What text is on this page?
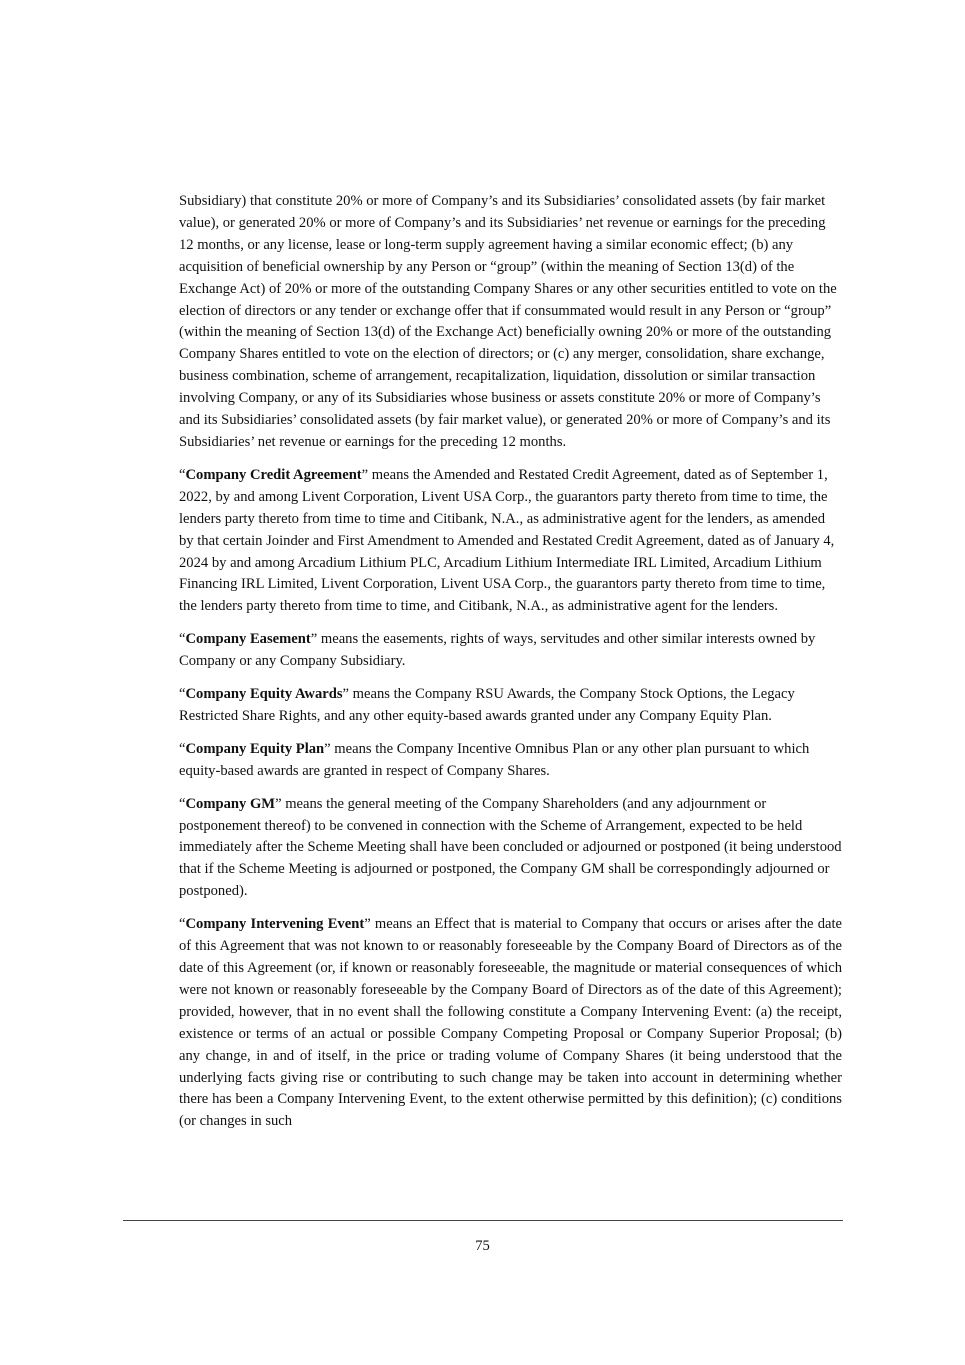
Subsidiary) that constitute 20% or more of Company’s and its Subsidiaries’ consolidated assets (by fair market value), or generated 20% or more of Company’s and its Subsidiaries’ net revenue or earnings for the preceding 12 months, or any license, lease or long-term supply agreement having a similar economic effect; (b) any acquisition of beneficial ownership by any Person or “group” (within the meaning of Section 13(d) of the Exchange Act) of 20% or more of the outstanding Company Shares or any other securities entitled to vote on the election of directors or any tender or exchange offer that if consummated would result in any Person or “group” (within the meaning of Section 13(d) of the Exchange Act) beneficially owning 20% or more of the outstanding Company Shares entitled to vote on the election of directors; or (c) any merger, consolidation, share exchange, business combination, scheme of arrangement, recapitalization, liquidation, dissolution or similar transaction involving Company, or any of its Subsidiaries whose business or assets constitute 20% or more of Company’s and its Subsidiaries’ consolidated assets (by fair market value), or generated 20% or more of Company’s and its Subsidiaries’ net revenue or earnings for the preceding 12 months.

“Company Credit Agreement” means the Amended and Restated Credit Agreement, dated as of September 1, 2022, by and among Livent Corporation, Livent USA Corp., the guarantors party thereto from time to time, the lenders party thereto from time to time and Citibank, N.A., as administrative agent for the lenders, as amended by that certain Joinder and First Amendment to Amended and Restated Credit Agreement, dated as of January 4, 2024 by and among Arcadium Lithium PLC, Arcadium Lithium Intermediate IRL Limited, Arcadium Lithium Financing IRL Limited, Livent Corporation, Livent USA Corp., the guarantors party thereto from time to time, the lenders party thereto from time to time, and Citibank, N.A., as administrative agent for the lenders.

“Company Easement” means the easements, rights of ways, servitudes and other similar interests owned by Company or any Company Subsidiary.

“Company Equity Awards” means the Company RSU Awards, the Company Stock Options, the Legacy Restricted Share Rights, and any other equity-based awards granted under any Company Equity Plan.

“Company Equity Plan” means the Company Incentive Omnibus Plan or any other plan pursuant to which equity-based awards are granted in respect of Company Shares.

“Company GM” means the general meeting of the Company Shareholders (and any adjournment or postponement thereof) to be convened in connection with the Scheme of Arrangement, expected to be held immediately after the Scheme Meeting shall have been concluded or adjourned or postponed (it being understood that if the Scheme Meeting is adjourned or postponed, the Company GM shall be correspondingly adjourned or postponed).

“Company Intervening Event” means an Effect that is material to Company that occurs or arises after the date of this Agreement that was not known to or reasonably foreseeable by the Company Board of Directors as of the date of this Agreement (or, if known or reasonably foreseeable, the magnitude or material consequences of which were not known or reasonably foreseeable by the Company Board of Directors as of the date of this Agreement); provided, however, that in no event shall the following constitute a Company Intervening Event: (a) the receipt, existence or terms of an actual or possible Company Competing Proposal or Company Superior Proposal; (b) any change, in and of itself, in the price or trading volume of Company Shares (it being understood that the underlying facts giving rise or contributing to such change may be taken into account in determining whether there has been a Company Intervening Event, to the extent otherwise permitted by this definition); (c) conditions (or changes in such

75
